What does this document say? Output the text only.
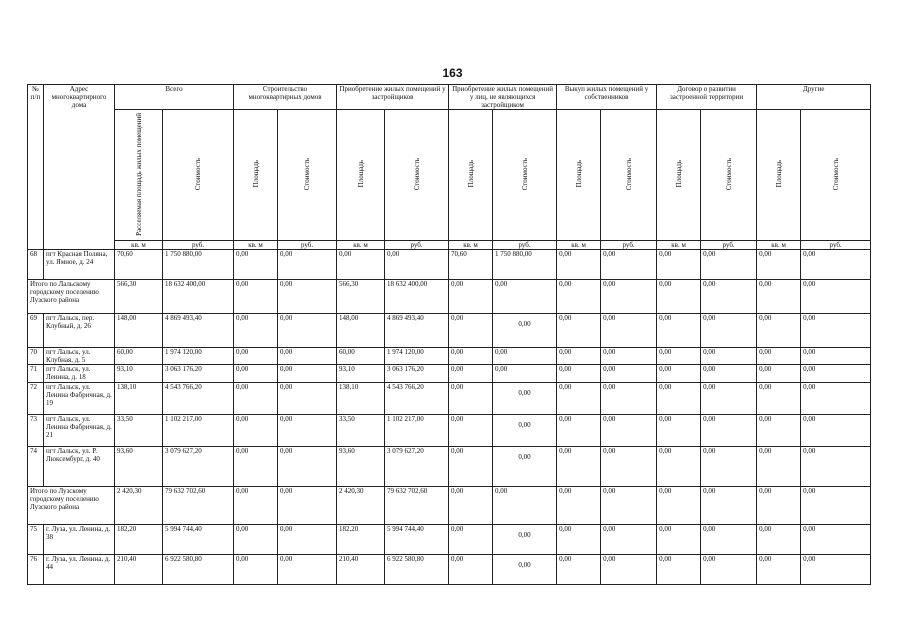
163
№ п/п	Адрес многоквартирного дома	Всего		Строительство многоквартирных домов		Приобретение жилых помещений у застройщиков		Приобретение жилых помещений у лиц, не являющихся застройщиком		Выкуп жилых помещений у собственников		Договор о развитии застроенной территории		Другие	
		Расселяемая площадь жилых помещений	Стоимость	Площадь	Стоимость	Площадь	Стоимость	Площадь	Стоимость	Площадь	Стоимость	Площадь	Стоимость	Площадь	Стоимость
		кв. м	руб.	кв. м	руб.	кв. м	руб.	кв. м	руб.	кв. м	руб.	кв. м	руб.	кв. м	руб.
68	пгт Красная Поляна, ул. Ямное, д. 24	70,60	1 750 880,00	0,00	0,00	0,00	0,00	70,60	1 750 880,00	0,00	0,00	0,00	0,00	0,00	0,00
Итого по Лальскому городскому поселению Лузского района		566,30	18 632 400,00	0,00	0,00	566,30	18 632 400,00	0,00	0,00	0,00	0,00	0,00	0,00	0,00	0,00
69	пгт Лальск, пер. Клубный, д. 26	148,00	4 869 493,40	0,00	0,00	148,00	4 869 493,40	0,00	0,00	0,00	0,00	0,00	0,00	0,00	0,00
70	пгт Лальск, ул. Клубная, д. 5	60,00	1 974 120,00	0,00	0,00	60,00	1 974 120,00	0,00	0,00	0,00	0,00	0,00	0,00	0,00	0,00
71	пгт Лальск, ул. Ленина, д. 18	93,10	3 063 176,20	0,00	0,00	93,10	3 063 176,20	0,00	0,00	0,00	0,00	0,00	0,00	0,00	0,00
72	пгт Лальск, ул. Ленина Фабричная, д. 19	138,10	4 543 766,20	0,00	0,00	138,10	4 543 766,20	0,00	0,00	0,00	0,00	0,00	0,00	0,00	0,00
73	пгт Лальск, ул. Ленина Фабричная, д. 21	33,50	1 102 217,00	0,00	0,00	33,50	1 102 217,00	0,00	0,00	0,00	0,00	0,00	0,00	0,00	0,00
74	пгт Лальск, ул. Р. Люксембург, д. 40	93,60	3 079 627,20	0,00	0,00	93,60	3 079 627,20	0,00	0,00	0,00	0,00	0,00	0,00	0,00	0,00
Итого по Лузскому городскому поселению Лузского района		2 420,30	79 632 702,60	0,00	0,00	2 420,30	79 632 702,60	0,00	0,00	0,00	0,00	0,00	0,00	0,00	0,00
75	г. Луза, ул. Ленина, д. 38	182,20	5 994 744,40	0,00	0,00	182,20	5 994 744,40	0,00	0,00	0,00	0,00	0,00	0,00	0,00	0,00
76	г. Луза, ул. Ленина, д. 44	210,40	6 922 580,80	0,00	0,00	210,40	6 922 580,80	0,00	0,00	0,00	0,00	0,00	0,00	0,00	0,00
